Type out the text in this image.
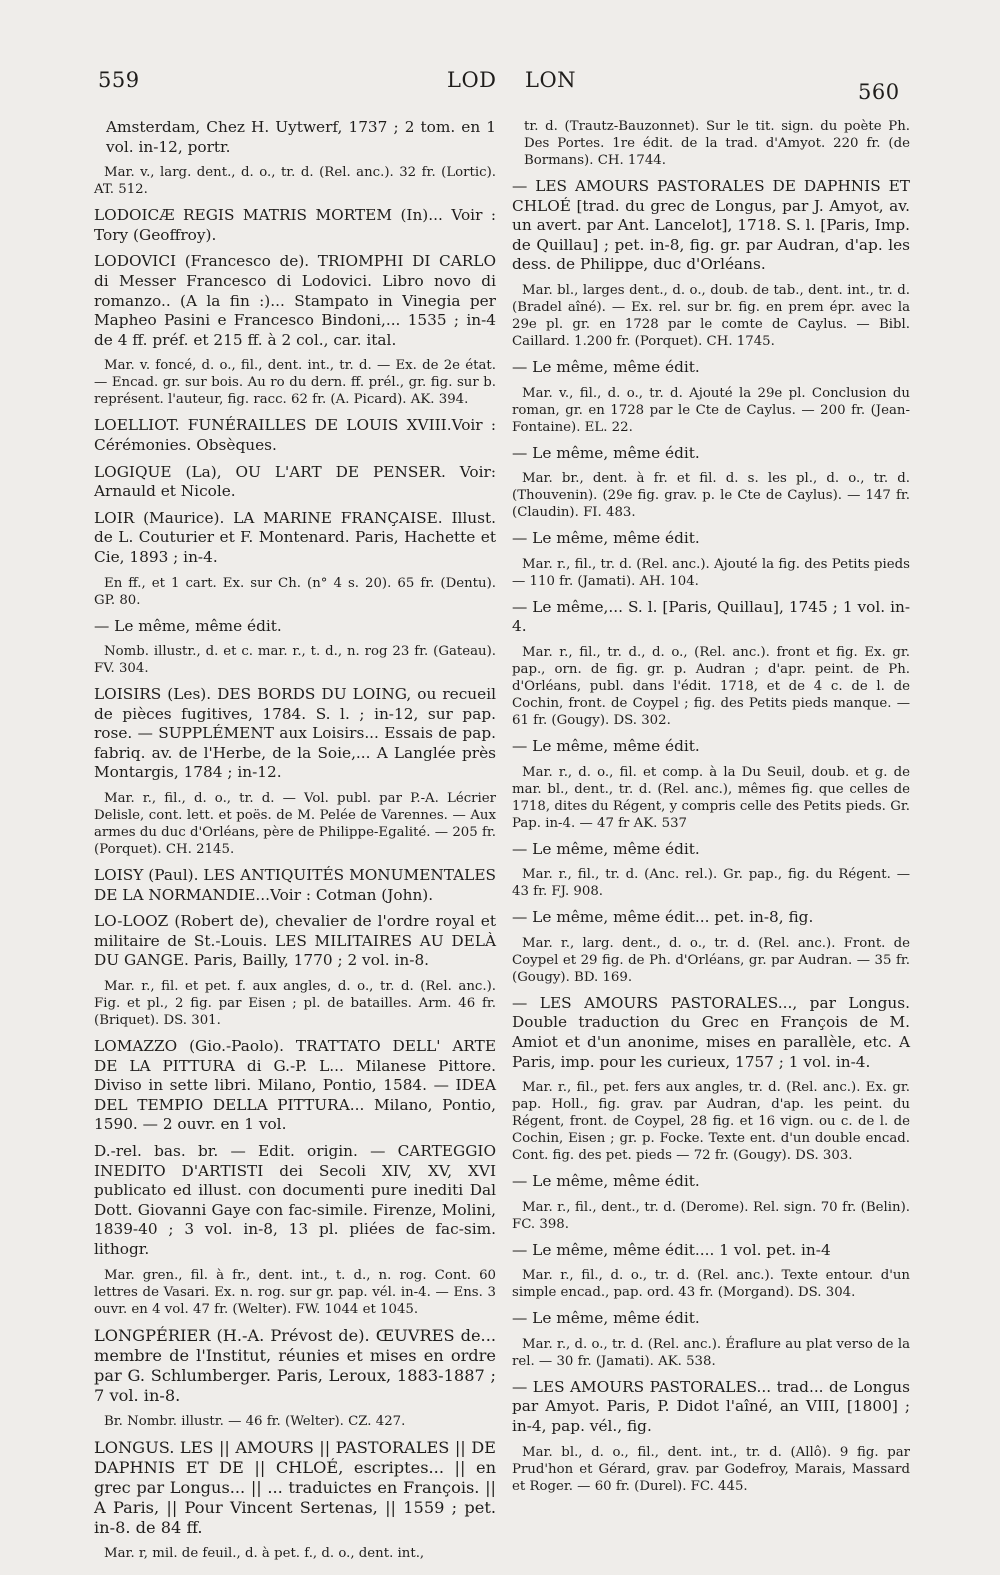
559	LOD LON	560

Amsterdam, Chez H. Uytwerf, 1737 ; 2 tom. en 1 vol. in-12, portr.

Mar. v., larg. dent., d. o., tr. d. (Rel. anc.). 32 fr. (Lortic). AT. 512.

LODOICÆ REGIS MATRIS MORTEM (In)... Voir : Tory (Geoffroy).

LODOVICI (Francesco de). TRIOMPHI DI CARLO di Messer Francesco di Lodovici. Libro novo di romanzo.. (A la fin :)... Stampato in Vinegia per Mapheo Pasini e Francesco Bindoni,... 1535 ; in-4 de 4 ff. préf. et 215 ff. à 2 col., car. ital.

Mar. v. foncé, d. o., fil., dent. int., tr. d. — Ex. de 2e état. — Encad. gr. sur bois. Au ro du dern. ff. prél., gr. fig. sur b. représent. l'auteur, fig. racc. 62 fr. (A. Picard). AK. 394.

LOELLIOT. FUNÉRAILLES DE LOUIS XVIII.Voir : Cérémonies. Obsèques.

LOGIQUE (La), OU L'ART DE PENSER. Voir: Arnauld et Nicole.

LOIR (Maurice). LA MARINE FRANÇAISE. Illust. de L. Couturier et F. Montenard. Paris, Hachette et Cie, 1893 ; in-4.

En ff., et 1 cart. Ex. sur Ch. (n° 4 s. 20). 65 fr. (Dentu). GP. 80.

— Le même, même édit.

Nomb. illustr., d. et c. mar. r., t. d., n. rog 23 fr. (Gateau). FV. 304.

LOISIRS (Les). DES BORDS DU LOING, ou recueil de pièces fugitives, 1784. S. l. ; in-12, sur pap. rose. — SUPPLÉMENT aux Loisirs... Essais de pap. fabriq. av. de l'Herbe, de la Soie,... A Langlée près Montargis, 1784 ; in-12.

Mar. r., fil., d. o., tr. d. — Vol. publ. par P.-A. Lécrier Delisle, cont. lett. et poës. de M. Pelée de Varennes. — Aux armes du duc d'Orléans, père de Philippe-Egalité. — 205 fr. (Porquet). CH. 2145.

LOISY (Paul). LES ANTIQUITÉS MONUMENTALES DE LA NORMANDIE...Voir : Cotman (John).

LO-LOOZ (Robert de), chevalier de l'ordre royal et militaire de St.-Louis. LES MILITAIRES AU DELÀ DU GANGE. Paris, Bailly, 1770 ; 2 vol. in-8.

Mar. r., fil. et pet. f. aux angles, d. o., tr. d. (Rel. anc.). Fig. et pl., 2 fig. par Eisen ; pl. de batailles. Arm. 46 fr. (Briquet). DS. 301.

LOMAZZO (Gio.-Paolo). TRATTATO DELL' ARTE DE LA PITTURA di G.-P. L... Milanese Pittore. Diviso in sette libri. Milano, Pontio, 1584. — IDEA DEL TEMPIO DELLA PITTURA... Milano, Pontio, 1590. — 2 ouvr. en 1 vol.

D.-rel. bas. br. — Edit. origin. — CARTEGGIO INEDITO D'ARTISTI dei Secoli XIV, XV, XVI publicato ed illust. con documenti pure inediti Dal Dott. Giovanni Gaye con fac-simile. Firenze, Molini, 1839-40 ; 3 vol. in-8, 13 pl. pliées de fac-sim. lithogr.

Mar. gren., fil. à fr., dent. int., t. d., n. rog. Cont. 60 lettres de Vasari. Ex. n. rog. sur gr. pap. vél. in-4. — Ens. 3 ouvr. en 4 vol. 47 fr. (Welter). FW. 1044 et 1045.

LONGPÉRIER (H.-A. Prévost de). ŒUVRES de... membre de l'Institut, réunies et mises en ordre par G. Schlumberger. Paris, Leroux, 1883-1887 ; 7 vol. in-8.

Br. Nombr. illustr. — 46 fr. (Welter). CZ. 427.

LONGUS. LES || AMOURS || PASTORALES || DE DAPHNIS ET DE || CHLOÉ, escriptes... || en grec par Longus... || ... traduictes en François. || A Paris, || Pour Vincent Sertenas, || 1559 ; pet. in-8. de 84 ff.

Mar. r, mil. de feuil., d. à pet. f., d. o., dent. int.,

tr. d. (Trautz-Bauzonnet). Sur le tit. sign. du poète Ph. Des Portes. 1re édit. de la trad. d'Amyot. 220 fr. (de Bormans). CH. 1744.

— LES AMOURS PASTORALES DE DAPHNIS ET CHLOÉ [trad. du grec de Longus, par J. Amyot, av. un avert. par Ant. Lancelot], 1718. S. l. [Paris, Imp. de Quillau] ; pet. in-8, fig. gr. par Audran, d'ap. les dess. de Philippe, duc d'Orléans.

Mar. bl., larges dent., d. o., doub. de tab., dent. int., tr. d. (Bradel aîné). — Ex. rel. sur br. fig. en prem épr. avec la 29e pl. gr. en 1728 par le comte de Caylus. — Bibl. Caillard. 1.200 fr. (Porquet). CH. 1745.

— Le même, même édit.

Mar. v., fil., d. o., tr. d. Ajouté la 29e pl. Conclusion du roman, gr. en 1728 par le Cte de Caylus. — 200 fr. (Jean-Fontaine). EL. 22.

— Le même, même édit.

Mar. br., dent. à fr. et fil. d. s. les pl., d. o., tr. d. (Thouvenin). (29e fig. grav. p. le Cte de Caylus). — 147 fr. (Claudin). FI. 483.

— Le même, même édit.

Mar. r., fil., tr. d. (Rel. anc.). Ajouté la fig. des Petits pieds — 110 fr. (Jamati). AH. 104.

— Le même,... S. l. [Paris, Quillau], 1745 ; 1 vol. in-4.

Mar. r., fil., tr. d., d. o., (Rel. anc.). front et fig. Ex. gr. pap., orn. de fig. gr. p. Audran ; d'apr. peint. de Ph. d'Orléans, publ. dans l'édit. 1718, et de 4 c. de l. de Cochin, front. de Coypel ; fig. des Petits pieds manque. — 61 fr. (Gougy). DS. 302.

— Le même, même édit.

Mar. r., d. o., fil. et comp. à la Du Seuil, doub. et g. de mar. bl., dent., tr. d. (Rel. anc.), mêmes fig. que celles de 1718, dites du Régent, y compris celle des Petits pieds. Gr. Pap. in-4. — 47 fr AK. 537

— Le même, même édit.

Mar. r., fil., tr. d. (Anc. rel.). Gr. pap., fig. du Régent. — 43 fr. FJ. 908.

— Le même, même édit... pet. in-8, fig.

Mar. r., larg. dent., d. o., tr. d. (Rel. anc.). Front. de Coypel et 29 fig. de Ph. d'Orléans, gr. par Audran. — 35 fr. (Gougy). BD. 169.

— LES AMOURS PASTORALES..., par Longus. Double traduction du Grec en François de M. Amiot et d'un anonime, mises en parallèle, etc. A Paris, imp. pour les curieux, 1757 ; 1 vol. in-4.

Mar. r., fil., pet. fers aux angles, tr. d. (Rel. anc.). Ex. gr. pap. Holl., fig. grav. par Audran, d'ap. les peint. du Régent, front. de Coypel, 28 fig. et 16 vign. ou c. de l. de Cochin, Eisen ; gr. p. Focke. Texte ent. d'un double encad. Cont. fig. des pet. pieds — 72 fr. (Gougy). DS. 303.

— Le même, même édit.

Mar. r., fil., dent., tr. d. (Derome). Rel. sign. 70 fr. (Belin). FC. 398.

— Le même, même édit.... 1 vol. pet. in-4

Mar. r., fil., d. o., tr. d. (Rel. anc.). Texte entour. d'un simple encad., pap. ord. 43 fr. (Morgand). DS. 304.

— Le même, même édit.

Mar. r., d. o., tr. d. (Rel. anc.). Éraflure au plat verso de la rel. — 30 fr. (Jamati). AK. 538.

— LES AMOURS PASTORALES... trad... de Longus par Amyot. Paris, P. Didot l'aîné, an VIII, [1800] ; in-4, pap. vél., fig.

Mar. bl., d. o., fil., dent. int., tr. d. (Allô). 9 fig. par Prud'hon et Gérard, grav. par Godefroy, Marais, Massard et Roger. — 60 fr. (Durel). FC. 445.
